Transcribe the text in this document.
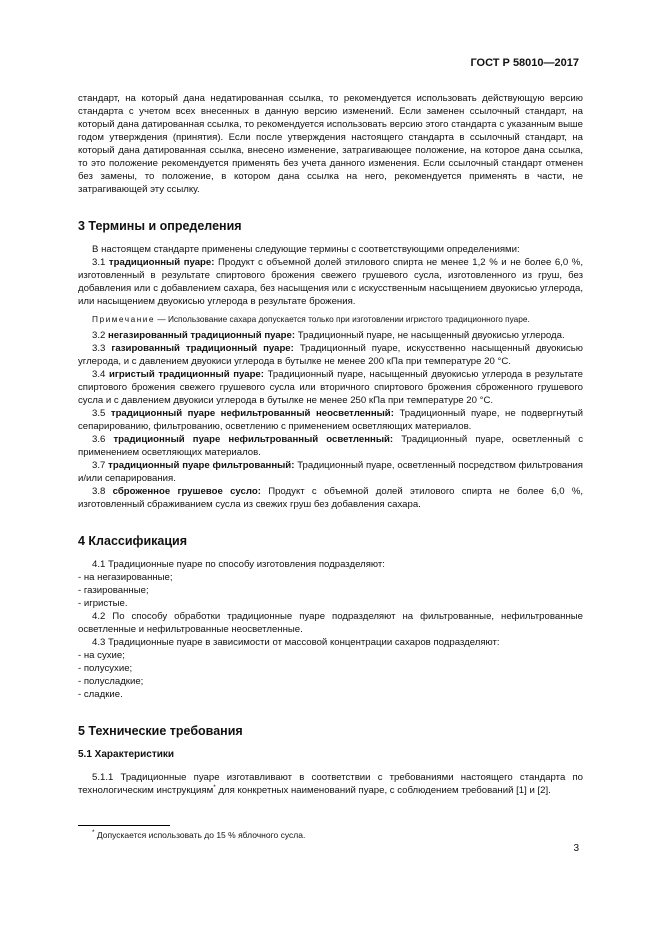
ГОСТ Р 58010—2017

стандарт, на который дана недатированная ссылка, то рекомендуется использовать действующую версию стандарта с учетом всех внесенных в данную версию изменений. Если заменен ссылочный стандарт, на который дана датированная ссылка, то рекомендуется использовать версию этого стандарта с указанным выше годом утверждения (принятия). Если после утверждения настоящего стандарта в ссылочный стандарт, на который дана датированная ссылка, внесено изменение, затрагивающее положение, на которое дана ссылка, то это положение рекомендуется применять без учета данного изменения. Если ссылочный стандарт отменен без замены, то положение, в котором дана ссылка на него, рекомендуется применять в части, не затрагивающей эту ссылку.

3 Термины и определения

В настоящем стандарте применены следующие термины с соответствующими определениями:

3.1 традиционный пуаре: Продукт с объемной долей этилового спирта не менее 1,2 % и не более 6,0 %, изготовленный в результате спиртового брожения свежего грушевого сусла, изготовленного из груш, без добавления или с добавлением сахара, без насыщения или с искусственным насыщением двуокисью углерода, или насыщением двуокисью углерода в результате брожения.

Примечание — Использование сахара допускается только при изготовлении игристого традиционного пуаре.

3.2 негазированный традиционный пуаре: Традиционный пуаре, не насыщенный двуокисью углерода.

3.3 газированный традиционный пуаре: Традиционный пуаре, искусственно насыщенный двуокисью углерода, и с давлением двуокиси углерода в бутылке не менее 200 кПа при температуре 20 °С.

3.4 игристый традиционный пуаре: Традиционный пуаре, насыщенный двуокисью углерода в результате спиртового брожения свежего грушевого сусла или вторичного спиртового брожения сброженного грушевого сусла и с давлением двуокиси углерода в бутылке не менее 250 кПа при температуре 20 °С.

3.5 традиционный пуаре нефильтрованный неосветленный: Традиционный пуаре, не подвергнутый сепарированию, фильтрованию, осветлению с применением осветляющих материалов.

3.6 традиционный пуаре нефильтрованный осветленный: Традиционный пуаре, осветленный с применением осветляющих материалов.

3.7 традиционный пуаре фильтрованный: Традиционный пуаре, осветленный посредством фильтрования и/или сепарирования.

3.8 сброженное грушевое сусло: Продукт с объемной долей этилового спирта не более 6,0 %, изготовленный сбраживанием сусла из свежих груш без добавления сахара.

4 Классификация

4.1 Традиционные пуаре по способу изготовления подразделяют:

- на негазированные;

- газированные;

- игристые.

4.2 По способу обработки традиционные пуаре подразделяют на фильтрованные, нефильтрованные осветленные и нефильтрованные неосветленные.

4.3 Традиционные пуаре в зависимости от массовой концентрации сахаров подразделяют:

- на сухие;

- полусухие;

- полусладкие;

- сладкие.

5 Технические требования
5.1 Характеристики

5.1.1 Традиционные пуаре изготавливают в соответствии с требованиями настоящего стандарта по технологическим инструкциям* для конкретных наименований пуаре, с соблюдением требований [1] и [2].

* Допускается использовать до 15 % яблочного сусла.
3
